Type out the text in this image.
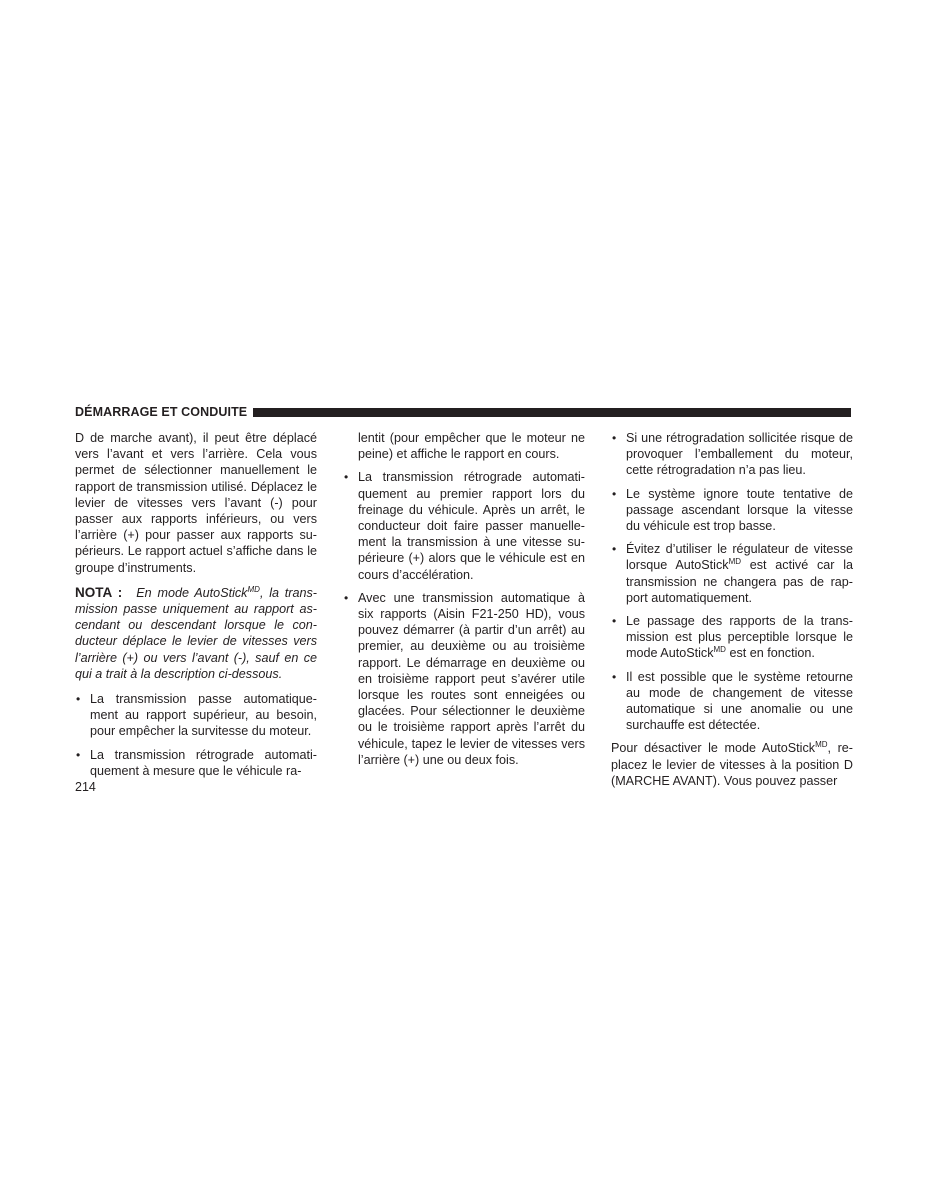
DÉMARRAGE ET CONDUITE

D de marche avant), il peut être déplacé vers l’avant et vers l’arrière. Cela vous permet de sélectionner manuellement le rapport de transmission utilisé. Déplacez le levier de vitesses vers l’avant (-) pour passer aux rapports inférieurs, ou vers l’arrière (+) pour passer aux rapports su-périeurs. Le rapport actuel s’affiche dans le groupe d’instruments.

NOTA : En mode AutoStick$^{MD}$, la trans-mission passe uniquement au rapport as-cendant ou descendant lorsque le con-ducteur déplace le levier de vitesses vers l’arrière (+) ou vers l’avant (-), sauf en ce qui a trait à la description ci-dessous.

• La transmission passe automatique-ment au rapport supérieur, au besoin, pour empêcher la survitesse du moteur.
• La transmission rétrograde automati-quement à mesure que le véhicule ra-

lentit (pour empêcher que le moteur ne peine) et affiche le rapport en cours.

• La transmission rétrograde automati-quement au premier rapport lors du freinage du véhicule. Après un arrêt, le conducteur doit faire passer manuelle-ment la transmission à une vitesse su-périeure (+) alors que le véhicule est en cours d’accélération.
• Avec une transmission automatique à six rapports (Aisin F21-250 HD), vous pouvez démarrer (à partir d’un arrêt) au premier, au deuxième ou au troisième rapport. Le démarrage en deuxième ou en troisième rapport peut s’avérer utile lorsque les routes sont enneigées ou glacées. Pour sélectionner le deuxième ou le troisième rapport après l’arrêt du véhicule, tapez le levier de vitesses vers l’arrière (+) une ou deux fois.
• Si une rétrogradation sollicitée risque de provoquer l’emballement du moteur, cette rétrogradation n’a pas lieu.
• Le système ignore toute tentative de passage ascendant lorsque la vitesse du véhicule est trop basse.
• Évitez d’utiliser le régulateur de vitesse lorsque AutoStick$^{MD}$ est activé car la transmission ne changera pas de rap-port automatiquement.
• Le passage des rapports de la trans-mission est plus perceptible lorsque le mode AutoStick$^{MD}$ est en fonction.
• Il est possible que le système retourne au mode de changement de vitesse automatique si une anomalie ou une surchauffe est détectée.

Pour désactiver le mode AutoStick$^{MD}$, re-placez le levier de vitesses à la position D (MARCHE AVANT). Vous pouvez passer

214
